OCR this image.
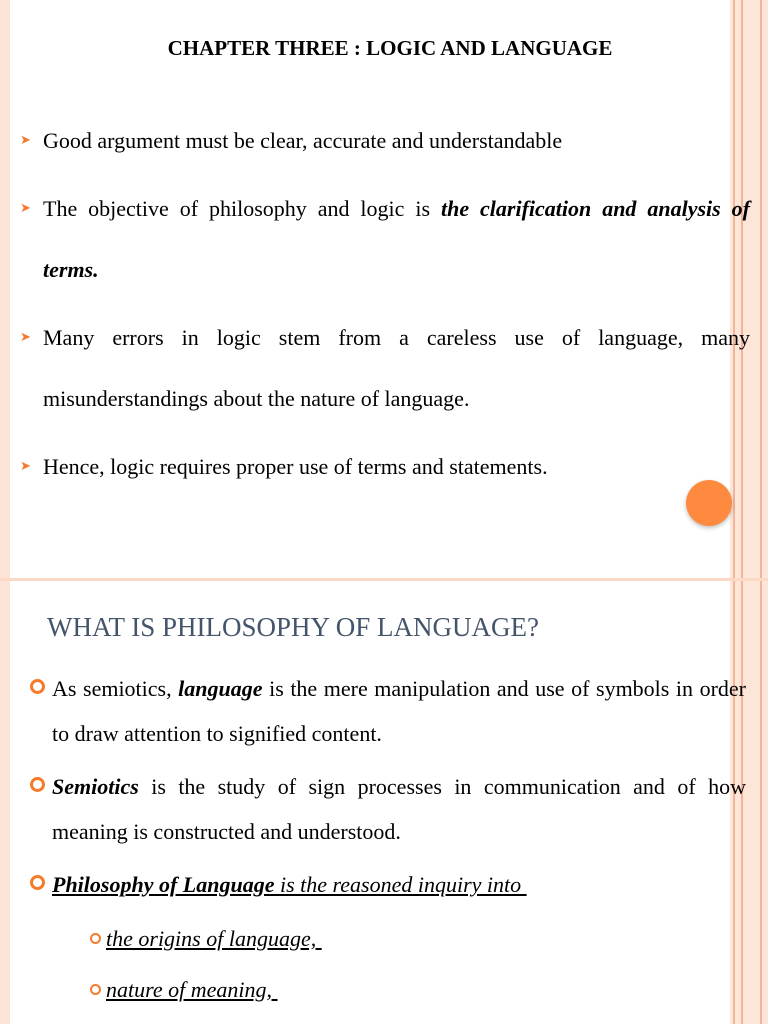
CHAPTER THREE : LOGIC AND LANGUAGE
➤ Good argument must be clear, accurate and understandable
➤ The objective of philosophy and logic is the clarification and analysis of terms.
➤ Many errors in logic stem from a careless use of language, many misunderstandings about the nature of language.
➤ Hence, logic requires proper use of terms and statements.
WHAT IS PHILOSOPHY OF LANGUAGE?
As semiotics, language is the mere manipulation and use of symbols in order to draw attention to signified content.
Semiotics is the study of sign processes in communication and of how meaning is constructed and understood.
Philosophy of Language is the reasoned inquiry into
the origins of language,
nature of meaning,
